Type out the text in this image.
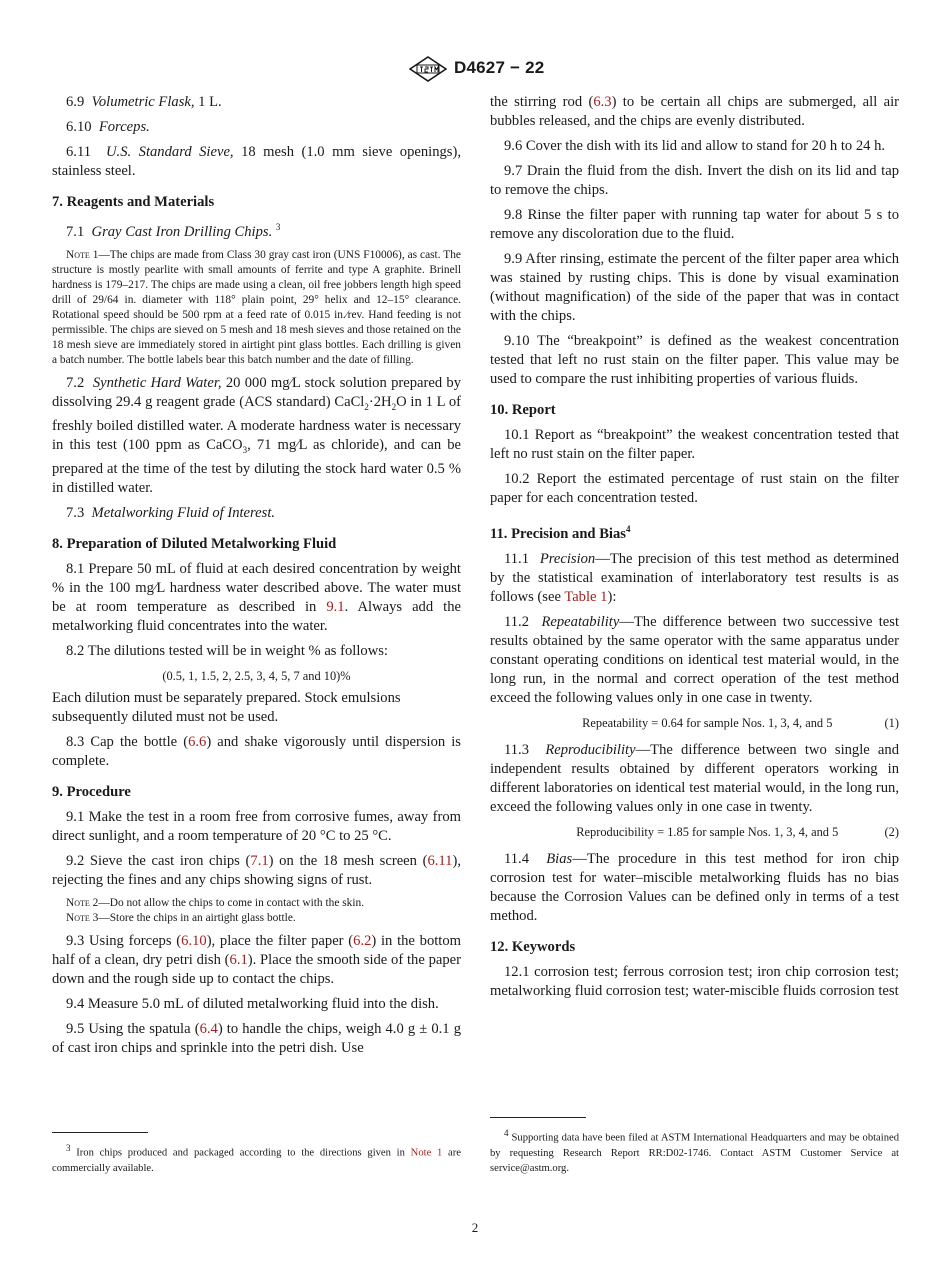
D4627 − 22

6.9 Volumetric Flask, 1 L.

6.10 Forceps.

6.11 U.S. Standard Sieve, 18 mesh (1.0 mm sieve openings), stainless steel.

7. Reagents and Materials

7.1 Gray Cast Iron Drilling Chips. $^3$

Note 1—The chips are made from Class 30 gray cast iron (UNS F10006), as cast. The structure is mostly pearlite with small amounts of ferrite and type A graphite. Brinell hardness is 179–217. The chips are made using a clean, oil free jobbers length high speed drill of 29/64 in. diameter with 118° plain point, 29° helix and 12–15° clearance. Rotational speed should be 500 rpm at a feed rate of 0.015 in.⁄rev. Hand feeding is not permissible. The chips are sieved on 5 mesh and 18 mesh sieves and those retained on the 18 mesh sieve are immediately stored in airtight pint glass bottles. Each drilling is given a batch number. The bottle labels bear this batch number and the date of filling.

7.2 Synthetic Hard Water, 20 000 mg⁄L stock solution prepared by dissolving 29.4 g reagent grade (ACS standard) $CaCl_2\cdot 2H_2O$ in 1 L of freshly boiled distilled water. A moderate hardness water is necessary in this test (100 ppm as CaCO$_3$, 71 mg⁄L as chloride), and can be prepared at the time of the test by diluting the stock hard water 0.5 % in distilled water.

7.3 Metalworking Fluid of Interest.

8. Preparation of Diluted Metalworking Fluid

8.1 Prepare 50 mL of fluid at each desired concentration by weight % in the 100 mg⁄L hardness water described above. The water must be at room temperature as described in 9.1. Always add the metalworking fluid concentrates into the water.

8.2 The dilutions tested will be in weight % as follows:

(0.5, 1, 1.5, 2, 2.5, 3, 4, 5, 7 and 10)%

Each dilution must be separately prepared. Stock emulsions subsequently diluted must not be used.

8.3 Cap the bottle (6.6) and shake vigorously until dispersion is complete.

9. Procedure

9.1 Make the test in a room free from corrosive fumes, away from direct sunlight, and a room temperature of 20 °C to 25 °C.

9.2 Sieve the cast iron chips (7.1) on the 18 mesh screen (6.11), rejecting the fines and any chips showing signs of rust.

Note 2—Do not allow the chips to come in contact with the skin.

Note 3—Store the chips in an airtight glass bottle.

9.3 Using forceps (6.10), place the filter paper (6.2) in the bottom half of a clean, dry petri dish (6.1). Place the smooth side of the paper down and the rough side up to contact the chips.

9.4 Measure 5.0 mL of diluted metalworking fluid into the dish.

9.5 Using the spatula (6.4) to handle the chips, weigh 4.0 g ± 0.1 g of cast iron chips and sprinkle into the petri dish. Use

$^3$ Iron chips produced and packaged according to the directions given in Note 1 are commercially available.

the stirring rod (6.3) to be certain all chips are submerged, all air bubbles released, and the chips are evenly distributed.

9.6 Cover the dish with its lid and allow to stand for 20 h to 24 h.

9.7 Drain the fluid from the dish. Invert the dish on its lid and tap to remove the chips.

9.8 Rinse the filter paper with running tap water for about 5 s to remove any discoloration due to the fluid.

9.9 After rinsing, estimate the percent of the filter paper area which was stained by rusting chips. This is done by visual examination (without magnification) of the side of the paper that was in contact with the chips.

9.10 The “breakpoint” is defined as the weakest concentration tested that left no rust stain on the filter paper. This value may be used to compare the rust inhibiting properties of various fluids.

10. Report

10.1 Report as “breakpoint” the weakest concentration tested that left no rust stain on the filter paper.

10.2 Report the estimated percentage of rust stain on the filter paper for each concentration tested.

11. Precision and Bias$^4$

11.1 Precision—The precision of this test method as determined by the statistical examination of interlaboratory test results is as follows (see Table 1):

11.2 Repeatability—The difference between two successive test results obtained by the same operator with the same apparatus under constant operating conditions on identical test material would, in the long run, in the normal and correct operation of the test method exceed the following values only in one case in twenty.

Repeatability = 0.64 for sample Nos. 1, 3, 4, and 5	(1)

11.3 Reproducibility—The difference between two single and independent results obtained by different operators working in different laboratories on identical test material would, in the long run, exceed the following values only in one case in twenty.

Reproducibility = 1.85 for sample Nos. 1, 3, 4, and 5	(2)

11.4 Bias—The procedure in this test method for iron chip corrosion test for water–miscible metalworking fluids has no bias because the Corrosion Values can be defined only in terms of a test method.

12. Keywords

12.1 corrosion test; ferrous corrosion test; iron chip corrosion test; metalworking fluid corrosion test; water-miscible fluids corrosion test

$^4$ Supporting data have been filed at ASTM International Headquarters and may be obtained by requesting Research Report RR:D02-1746. Contact ASTM Customer Service at service@astm.org.

2
